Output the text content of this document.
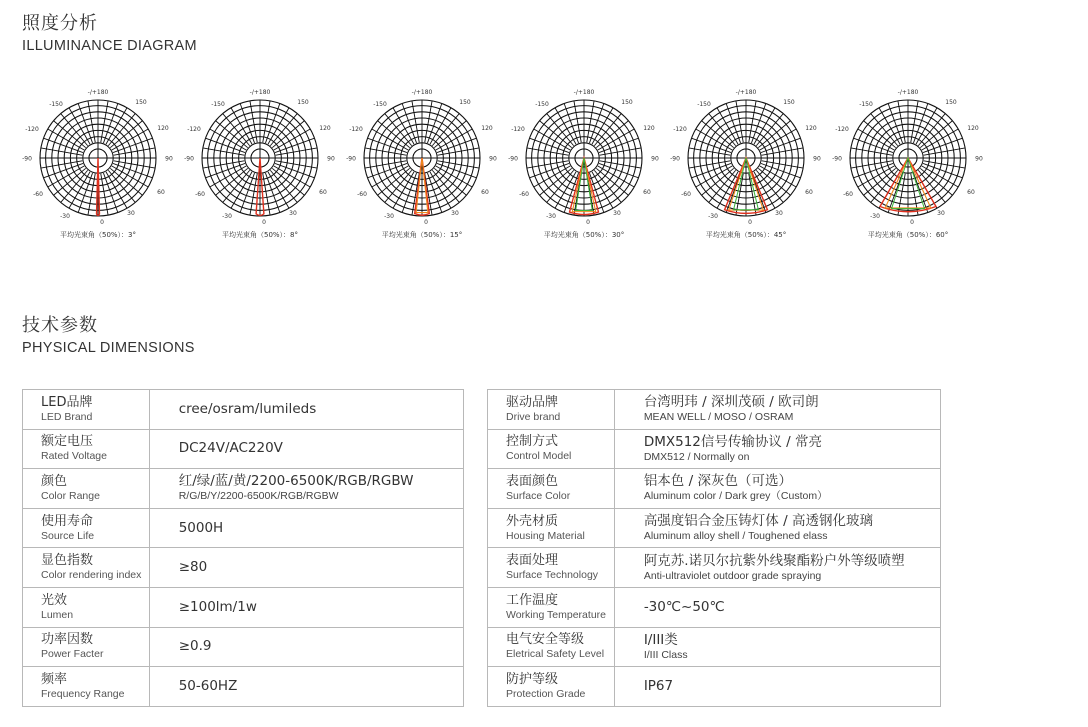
照度分析
ILLUMINANCE DIAGRAM
-/+180
150
120
90
60
30
0
-30
-60
-90
-120
-150
平均光束角（50%）：3°
-/+180
150
120
90
60
30
0
-30
-60
-90
-120
-150
平均光束角（50%）：8°
-/+180
150
120
90
60
30
0
-30
-60
-90
-120
-150
平均光束角（50%）：15°
-/+180
150
120
90
60
30
0
-30
-60
-90
-120
-150
平均光束角（50%）：30°
-/+180
150
120
90
60
30
0
-30
-60
-90
-120
-150
平均光束角（50%）：45°
-/+180
150
120
90
60
30
0
-30
-60
-90
-120
-150
平均光束角（50%）：60°
技术参数
PHYSICAL DIMENSIONS
LED品牌
LED Brand	cree/osram/lumileds

额定电压
Rated Voltage	DC24V/AC220V

颜色
Color Range	红/绿/蓝/黄/2200-6500K/RGB/RGBW
R/G/B/Y/2200-6500K/RGB/RGBW

使用寿命
Source Life	5000H

显色指数
Color rendering index	≥80

光效
Lumen	≥100lm/1w

功率因数
Power Facter	≥0.9

频率
Frequency Range	50-60HZ
驱动品牌
Drive brand	台湾明玮 / 深圳茂硕 / 欧司朗
MEAN WELL / MOSO / OSRAM

控制方式
Control Model	DMX512信号传输协议 / 常亮
DMX512 / Normally on

表面颜色
Surface Color	铝本色 / 深灰色（可选）
Aluminum color / Dark grey（Custom）

外壳材质
Housing Material	高强度铝合金压铸灯体 / 高透钢化玻璃
Aluminum alloy shell / Toughened elass

表面处理
Surface Technology	阿克苏.诺贝尔抗紫外线聚酯粉户外等级喷塑
Anti-ultraviolet outdoor grade spraying

工作温度
Working Temperature	-30℃~50℃

电气安全等级
Eletrical Safety Level	I/III类
I/III Class

防护等级
Protection Grade	IP67
